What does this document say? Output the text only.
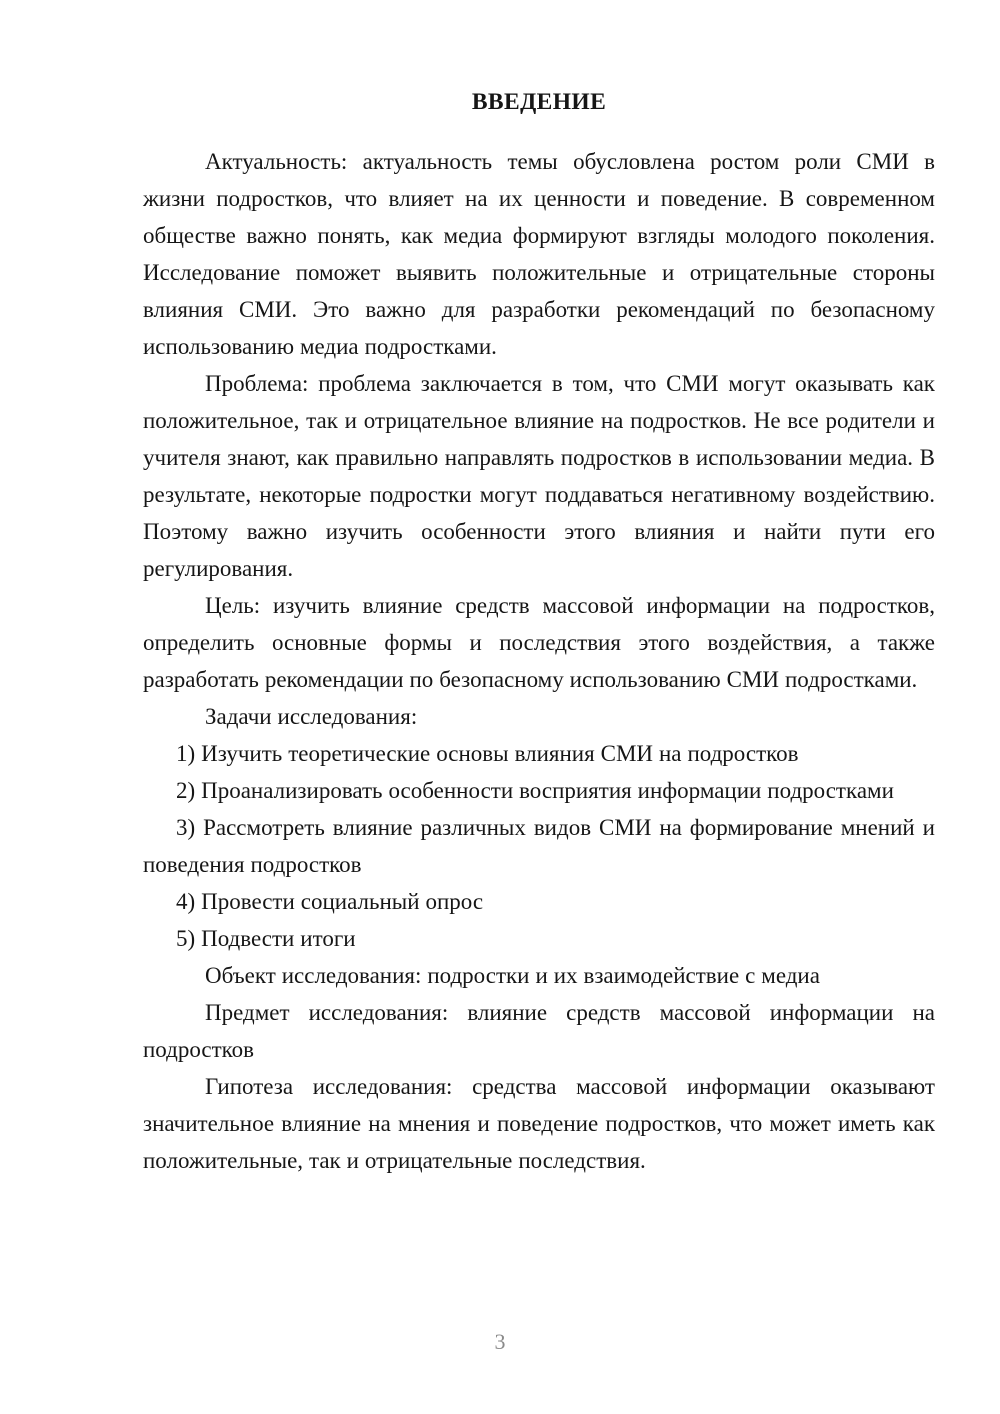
ВВЕДЕНИЕ

Актуальность: актуальность темы обусловлена ростом роли СМИ в жизни подростков, что влияет на их ценности и поведение. В современном обществе важно понять, как медиа формируют взгляды молодого поколения. Исследование поможет выявить положительные и отрицательные стороны влияния СМИ. Это важно для разработки рекомендаций по безопасному использованию медиа подростками.

Проблема: проблема заключается в том, что СМИ могут оказывать как положительное, так и отрицательное влияние на подростков. Не все родители и учителя знают, как правильно направлять подростков в использовании медиа. В результате, некоторые подростки могут поддаваться негативному воздействию. Поэтому важно изучить особенности этого влияния и найти пути его регулирования.

Цель: изучить влияние средств массовой информации на подростков, определить основные формы и последствия этого воздействия, а также разработать рекомендации по безопасному использованию СМИ подростками.

Задачи исследования:

1) Изучить теоретические основы влияния СМИ на подростков

2) Проанализировать особенности восприятия информации подростками

3) Рассмотреть влияние различных видов СМИ на формирование мнений и поведения подростков

4) Провести социальный опрос

5) Подвести итоги

Объект исследования: подростки и их взаимодействие с медиа

Предмет исследования: влияние средств массовой информации на подростков

Гипотеза исследования: средства массовой информации оказывают значительное влияние на мнения и поведение подростков, что может иметь как положительные, так и отрицательные последствия.

3
